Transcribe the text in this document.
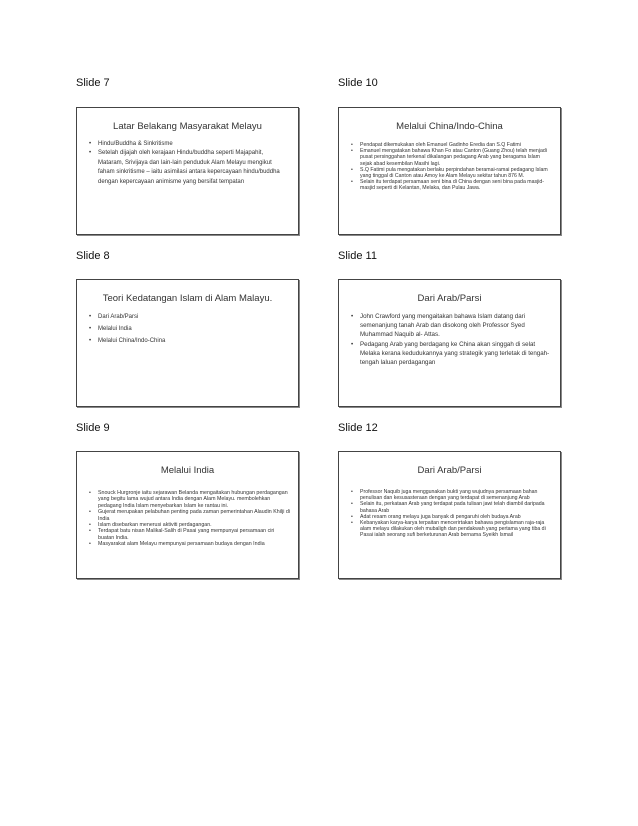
Slide 7
Latar Belakang Masyarakat Melayu
• Hindu/Buddha & Sinkritisme
• Setelah dijajah oleh kerajaan Hindu/buddha seperti Majapahit, Mataram, Srivijaya dan lain-lain penduduk Alam Melayu mengikut faham sinkritisme – iaitu asimilasi antara kepercayaan hindu/buddha dengan kepercayaan animisme yang bersifat tempatan
Slide 10
Melalui China/Indo-China
• Pendapat dikemukakan oleh Emanuel Gadinho Eredia dan S.Q Fatimi
• Emanuel mengatakan bahawa Khan Fo atau Canton (Guang Zhou) telah menjadi pusat persinggahan terkenal dikalangan pedagang Arab yang beragama Islam sejak abad kesembilan Masihi lagi.
• S.Q Fatimi pula mengatakan berlaku perpindahan beramai-ramai pedagang Islam yang tinggal di Canton atau Amoy ke Alam Melayu sekitar tahun 876 M.
• Selain itu terdapat persamaan seni bina di China dengan seni bina pada masjid-masjid seperti di Kelantan, Melaka, dan Pulau Jawa.
Slide 8
Teori Kedatangan Islam di Alam Malayu.
• Dari Arab/Parsi
• Melalui India
• Melalui China/Indo-China
Slide 11
Dari Arab/Parsi
• John Crawford yang mengaitakan bahawa Islam datang dari semenanjung tanah Arab dan disokong oleh Professor Syed Muhammad Naquib al- Attas.
• Pedagang Arab yang berdagang ke China akan singgah di selat Melaka kerana kedudukannya yang strategik yang terletak di tengah-tengah laluan perdagangan
Slide 9
Melalui India
• Snouck Hurgronje iaitu sejarawan Belanda mengaitakan hubungan perdagangan yang begitu lama wujud antara India dengan Alam Melayu. membolehkan pedagang India Islam menyebarkan Islam ke rantau ini.
• Gujerat merupakan pelabuhan penting pada zaman pemerintahan Alaudin Khilji di India
• Islam disebarkan menerusi aktiviti perdagangan.
• Terdapat batu nisan Malikal-Salih di Pasai yang mempunyai persamaan ciri buatan India.
• Masyarakat alam Melayu mempunyai persamaan budaya dengan India
Slide 12
Dari Arab/Parsi
• Professor Naquib juga menggunakan bukti yang wujudnya persamaan bahan penulisan dan kesusasteraan dengan yang terdapat di semenanjung Arab
• Selain itu, perkataan Arab yang terdapat pada tulisan jawi telah diambil daripada bahasa Arab
• Adat resam orang melayu juga banyak di pengaruhi oleh budaya Arab
• Kebanyakan karya-karya terpaitan mencerirtakan bahawa pengislaman raja-raja alam melayu dilakukan oleh mubaligh dan pendakwah yang pertama yang tiba di Pasai ialah seorang sufi berketurunan Arab bernama Syeikh Ismail
